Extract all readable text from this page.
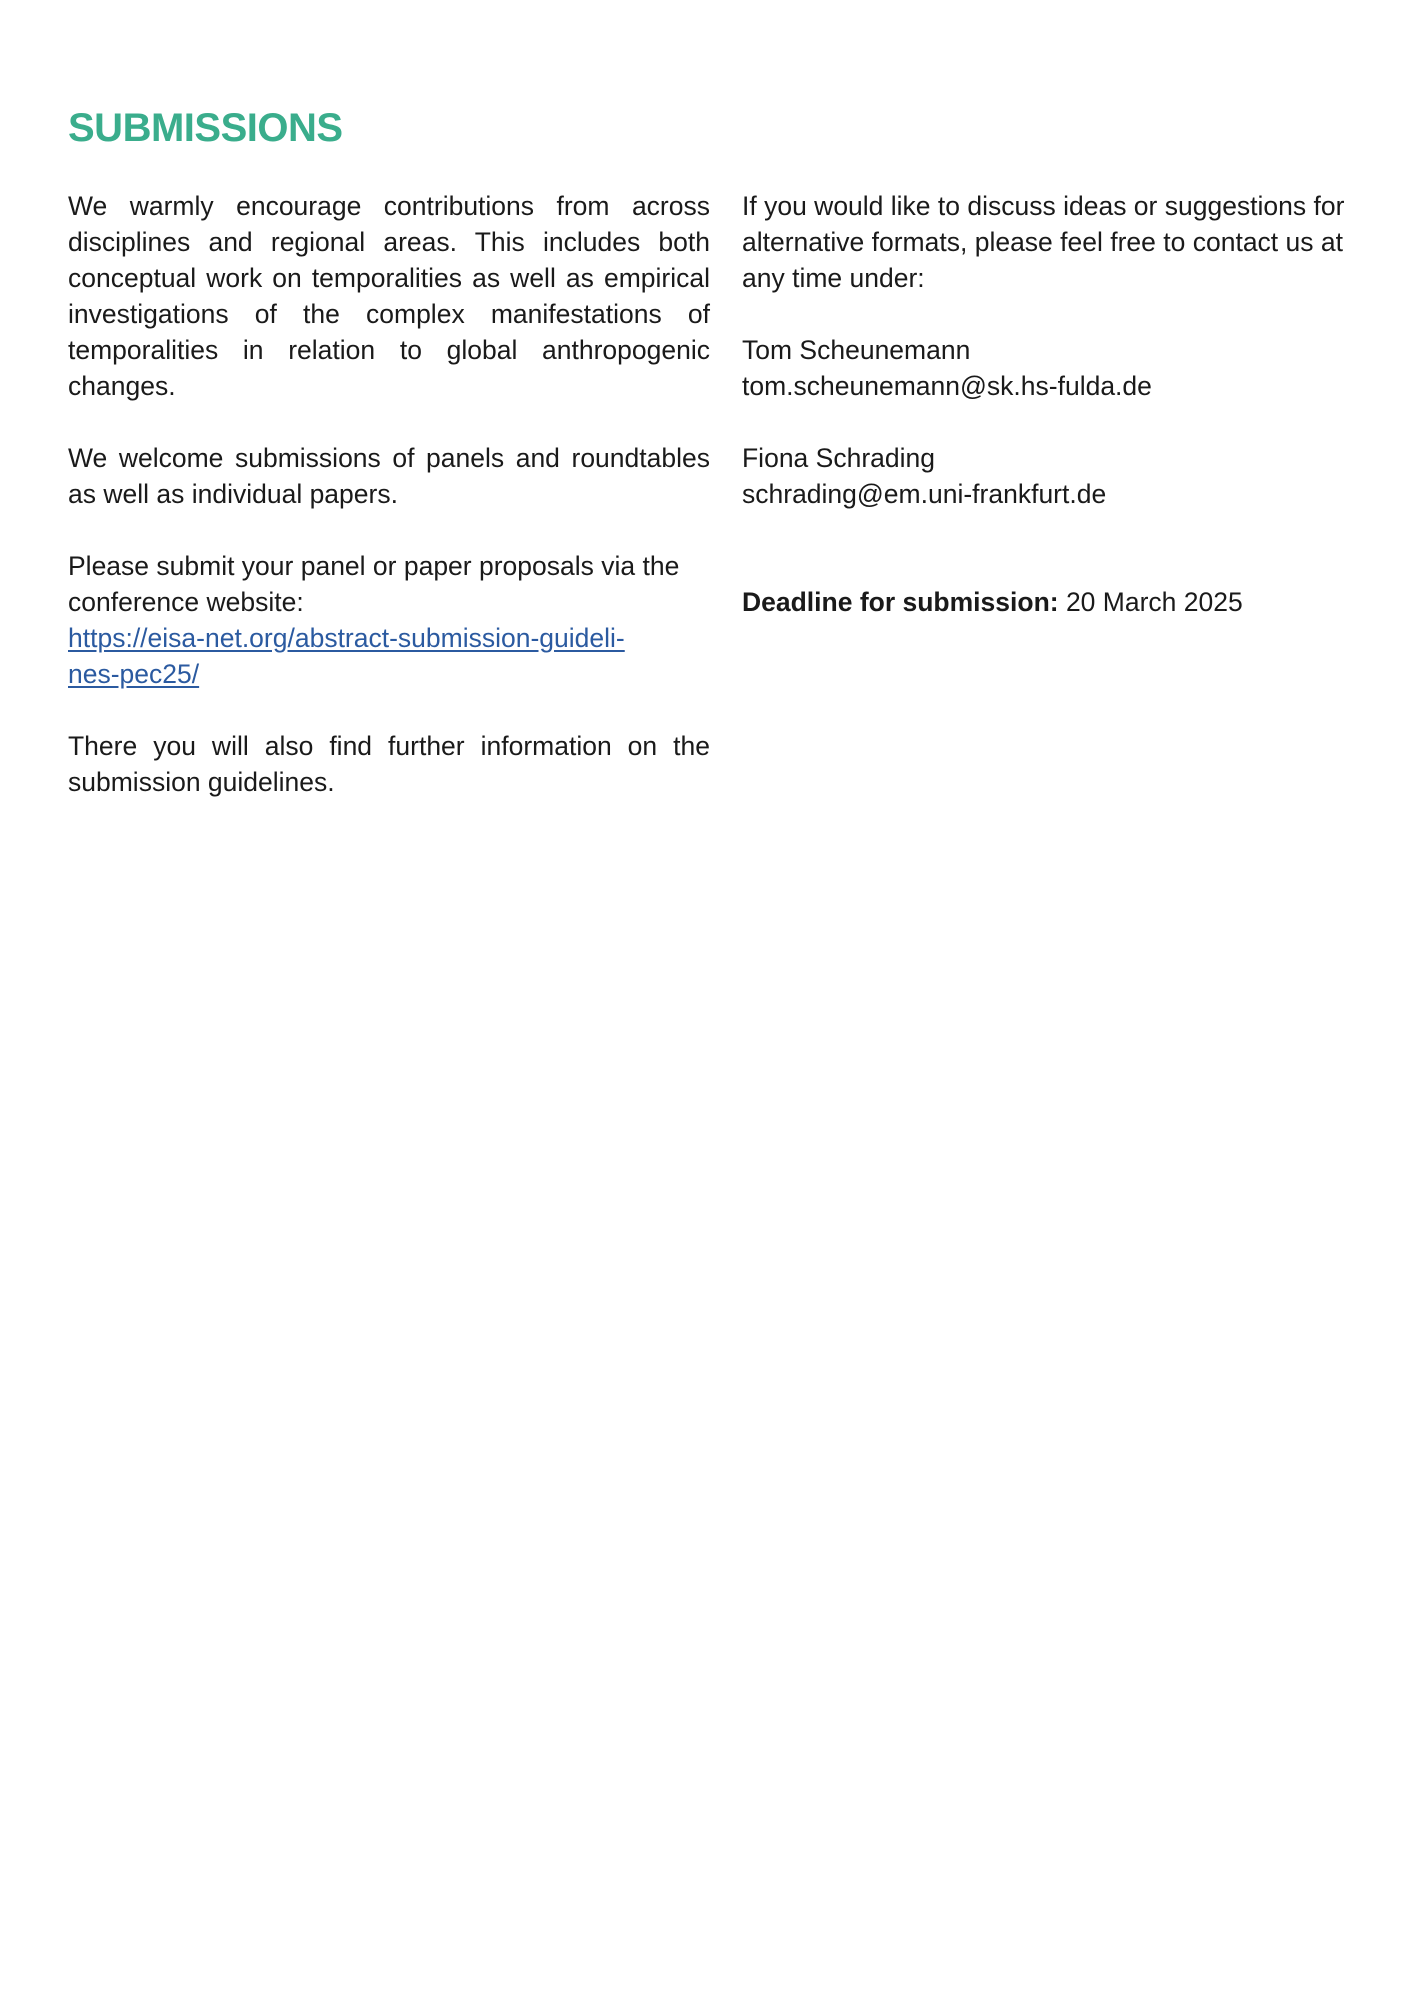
SUBMISSIONS

We warmly encourage contributions from across disciplines and regional areas. This includes both conceptual work on temporalities as well as empirical investigations of the complex manifestations of temporalities in relation to global anthropogenic changes.

We welcome submissions of panels and roundtables as well as individual papers.

Please submit your panel or paper proposals via the conference website:
https://eisa-net.org/abstract-submission-guideli-
nes-pec25/

There you will also find further information on the submission guidelines.

If you would like to discuss ideas or suggestions for alternative formats, please feel free to contact us at any time under:

Tom Scheunemann
tom.scheunemann@sk.hs-fulda.de

Fiona Schrading
schrading@em.uni-frankfurt.de

Deadline for submission: 20 March 2025
